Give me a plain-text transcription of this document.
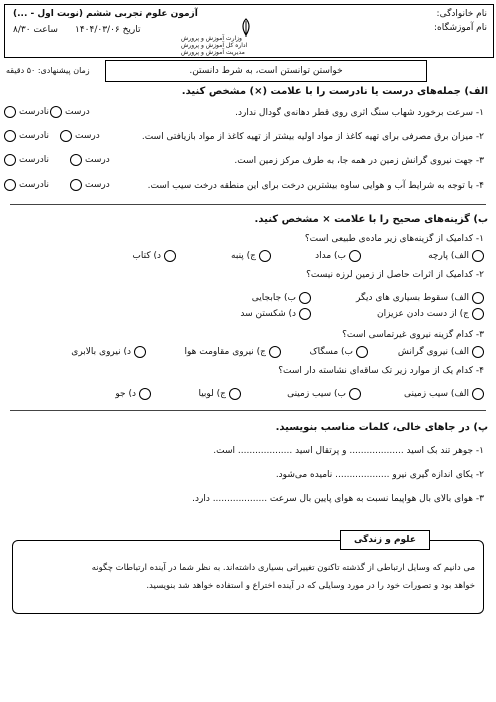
نام خانوادگی:
نام آموزشگاه:
آزمون علوم تجربی ششم (نوبت اول - ...)
تاریخ ۱۴۰۴/۰۳/۰۶
ساعت ۸/۳۰
وزارت آموزش و پرورش
اداره کل آموزش و پرورش
مدیریت آموزش و پرورش
زمان پیشنهادی: ۵۰ دقیقه	خواستن توانستن است، به شرط دانستن.
الف) جمله‌های درست یا نادرست را با علامت (×) مشخص کنید.
۱- سرعت برخورد شهاب سنگ اثری روی قطر دهانه‌ی گودال ندارد.
درست
نادرست
۲- میزان برق مصرفی برای تهیه کاغذ از مواد اولیه بیشتر از تهیه کاغذ از مواد بازیافتی است.
درست
نادرست
۳- جهت نیروی گرانش زمین در همه جا، به طرف مرکز زمین است.
درست
نادرست
۴- با توجه به شرایط آب و هوایی ساوه بیشترین درخت برای این منطقه درخت سیب است.
درست
نادرست
ب) گزینه‌های صحیح را با علامت × مشخص کنید.
۱- کدامیک از گزینه‌های زیر ماده‌ی طبیعی است؟
الف) پارچه
ب) مداد
ج) پنبه
د) کتاب
۲- کدامیک از اثرات حاصل از زمین لرزه نیست؟
الف) سقوط بسیاری های دیگر
ب) جابجایی
ج) از دست دادن عزیزان
د) شکستن سد
۳- کدام گزینه نیروی غیرتماسی است؟
الف) نیروی گرانش
ب) مسگاک
ج) نیروی مقاومت هوا
د) نیروی بالابری
۴- کدام یک از موارد زیر تک ساقه‌ای نشاسته دار است؟
الف) سیب زمینی
ب) سیب زمینی
ج) لوبیا
د) جو
پ) در جاهای خالی، کلمات مناسب بنویسید.
۱- جوهر تند بک اسید ................... و پرتقال اسید ................... است.
۲- یکای اندازه گیری نیرو ................... نامیده می‌شود.
۳- هوای بالای بال هواپیما نسبت به هوای پایین بال سرعت ................... دارد.
می دانیم که وسایل ارتباطی از گذشته تاکنون تغییراتی بسیاری داشته‌اند. به نظر شما در آینده ارتباطات چگونه
خواهد بود و تصورات خود را در مورد وسایلی که در آینده اختراع و استفاده خواهد شد بنویسید.
علوم و زندگی
